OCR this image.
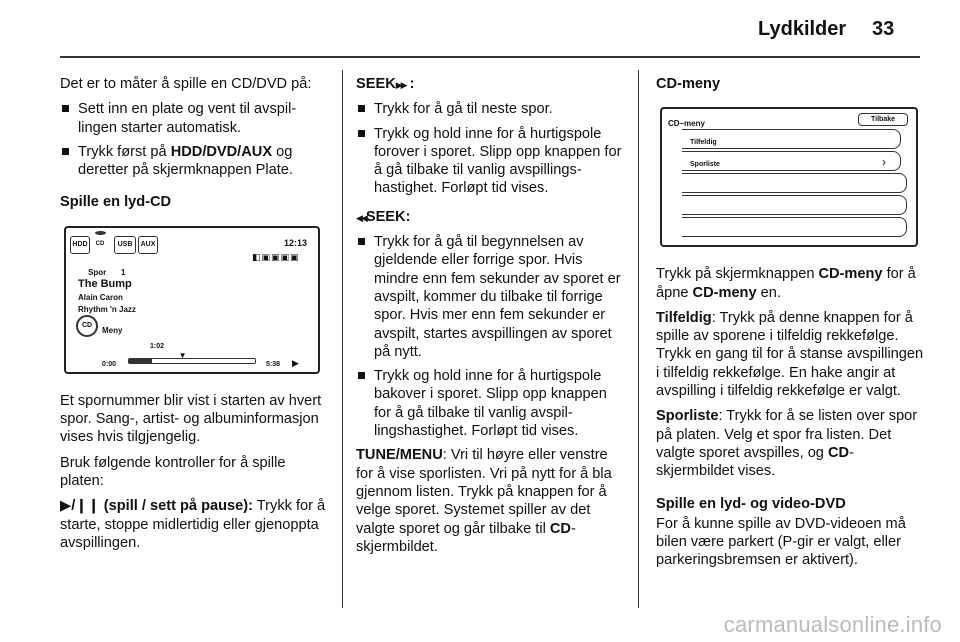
Lydkilder 33

Det er to måter å spille en CD/DVD på:

Sett inn en plate og vent til avspillingen starter automatisk.
Trykk først på HDD/DVD/AUX og deretter på skjermknappen Plate.

Spille en lyd-CD

HDD	CD	USB	AUX	12:13
◧▣▣▣▣
Spor 1
The Bump
Alain Caron
Rhythm 'n Jazz
CD
Meny
1:02
▼
0:00	5:38 ▶

Et spornummer blir vist i starten av hvert spor. Sang-, artist- og albuminformasjon vises hvis tilgjengelig.

Bruk følgende kontroller for å spille platen:

▶/❙❙ (spill / sett på pause): Trykk for å starte, stoppe midlertidig eller gjenoppta avspillingen.

SEEK▶▶ :

Trykk for å gå til neste spor.
Trykk og hold inne for å hurtigspole forover i sporet. Slipp opp knappen for å gå tilbake til vanlig avspillingshastighet. Forløpt tid vises.

◀◀SEEK:

Trykk for å gå til begynnelsen av gjeldende eller forrige spor. Hvis mindre enn fem sekunder av sporet er avspilt, kommer du tilbake til forrige spor. Hvis mer enn fem sekunder er avspilt, startes avspillingen av sporet på nytt.
Trykk og hold inne for å hurtigspole bakover i sporet. Slipp opp knappen for å gå tilbake til vanlig avspillingshastighet. Forløpt tid vises.

TUNE/MENU: Vri til høyre eller venstre for å vise sporlisten. Vri på nytt for å bla gjennom listen. Trykk på knappen for å velge sporet. Systemet spiller av det valgte sporet og går tilbake til CD-skjermbildet.

CD-meny

CD–meny
Tilbake
Tilfeldig
Sporliste	›

Trykk på skjermknappen CD-meny for å åpne CD-meny en.

Tilfeldig: Trykk på denne knappen for å spille av sporene i tilfeldig rekkefølge. Trykk en gang til for å stanse avspillingen i tilfeldig rekkefølge. En hake angir at avspilling i tilfeldig rekkefølge er valgt.

Sporliste: Trykk for å se listen over spor på platen. Velg et spor fra listen. Det valgte sporet avspilles, og CD-skjermbildet vises.

Spille en lyd- og video-DVD

For å kunne spille av DVD-videoen må bilen være parkert (P-gir er valgt, eller parkeringsbremsen er aktivert).

carmanualsonline.info
